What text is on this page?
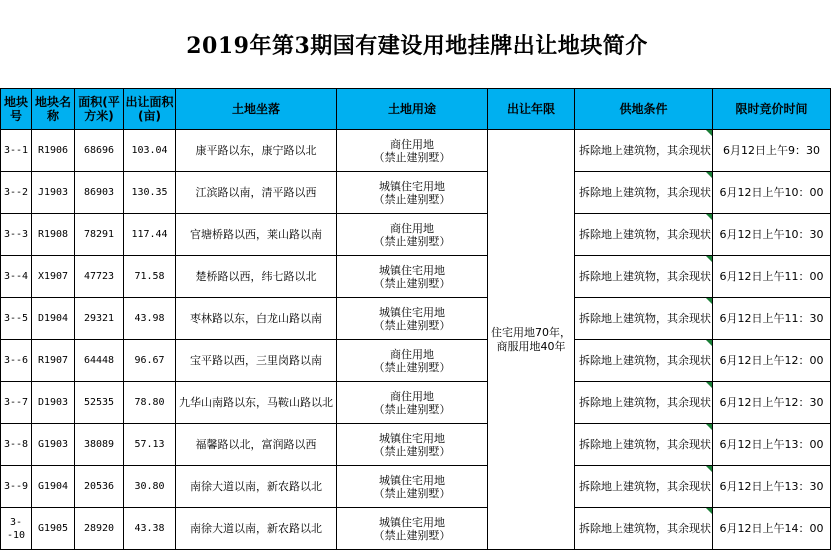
2019年第3期国有建设用地挂牌出让地块简介
地块号	地块名称	面积(平方米)	出让面积(亩)	土地坐落	土地用途	出让年限	供地条件	限时竞价时间
3--1	R1906	68696	103.04	康平路以东，康宁路以北	商住用地
（禁止建别墅）	住宅用地70年，商服用地40年	拆除地上建筑物，其余现状	6月12日上午9：30
3--2	J1903	86903	130.35	江滨路以南，清平路以西	城镇住宅用地
（禁止建别墅）		拆除地上建筑物，其余现状	6月12日上午10：00
3--3	R1908	78291	117.44	官塘桥路以西，莱山路以南	商住用地
（禁止建别墅）		拆除地上建筑物，其余现状	6月12日上午10：30
3--4	X1907	47723	71.58	楚桥路以西，纬七路以北	城镇住宅用地
（禁止建别墅）		拆除地上建筑物，其余现状	6月12日上午11：00
3--5	D1904	29321	43.98	枣林路以东，白龙山路以南	城镇住宅用地
（禁止建别墅）		拆除地上建筑物，其余现状	6月12日上午11：30
3--6	R1907	64448	96.67	宝平路以西，三里岗路以南	商住用地
（禁止建别墅）		拆除地上建筑物，其余现状	6月12日上午12：00
3--7	D1903	52535	78.80	九华山南路以东，马鞍山路以北	商住用地
（禁止建别墅）		拆除地上建筑物，其余现状	6月12日上午12：30
3--8	G1903	38089	57.13	福馨路以北，富润路以西	城镇住宅用地
（禁止建别墅）		拆除地上建筑物，其余现状	6月12日上午13：00
3--9	G1904	20536	30.80	南徐大道以南，新农路以北	城镇住宅用地
（禁止建别墅）		拆除地上建筑物，其余现状	6月12日上午13：30
3--10	G1905	28920	43.38	南徐大道以南，新农路以北	城镇住宅用地
（禁止建别墅）		拆除地上建筑物，其余现状	6月12日上午14：00
